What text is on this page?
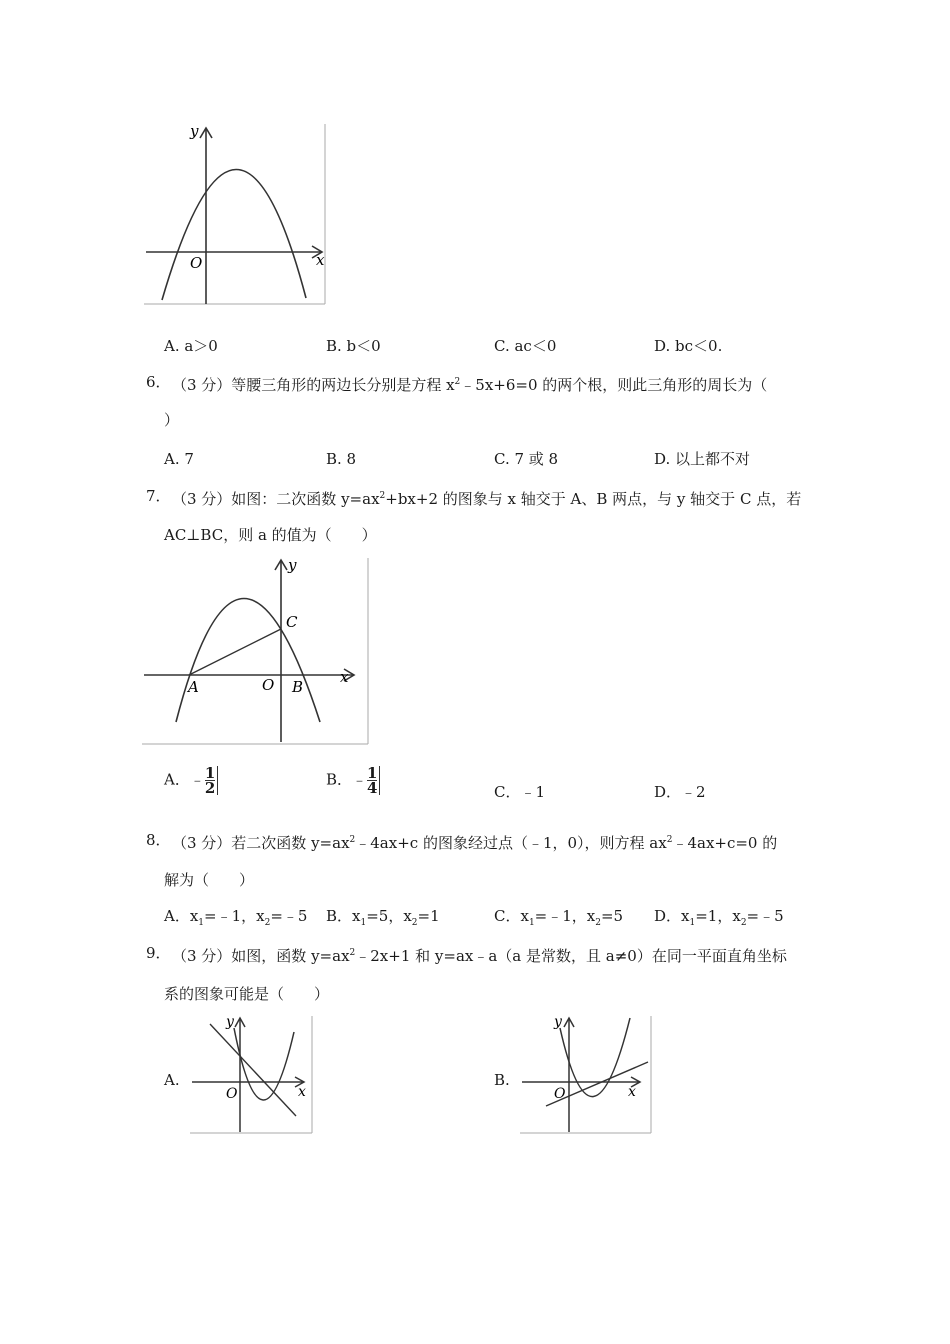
y
x
O
A. a＞0	B. b＜0	C. ac＜0	D. bc＜0.
6． （3 分）等腰三角形的两边长分别是方程 $x^2﹣5x+6=0$ 的两个根，则此三角形的周长为（
）
A. 7	B. 8	C. 7 或 8	D. 以上都不对
7． （3 分）如图：二次函数 $y=ax^2+bx+2$ 的图象与 x 轴交于 A、B 两点，与 y 轴交于 C 点，若
AC⊥BC，则 a 的值为（　　）
x
y
O
A	B
C
A．﹣ $\frac{1}{2}$	B．﹣ $\frac{1}{4}$	C．﹣1	D．﹣2
8． （3 分）若二次函数 $y=ax^2﹣4ax+c$ 的图象经过点（﹣1，0），则方程 $ax^2﹣4ax+c=0$ 的
解为（　　）
A．$x_1=﹣1$，$x_2=﹣5$ B．$x_1=5$，$x_2=1$	C．$x_1=﹣1$，$x_2=5$ D．$x_1=1$，$x_2=﹣5$
9． （3 分）如图，函数 $y=ax^2﹣2x+1$ 和 y=ax﹣a（a 是常数，且 a≠0）在同一平面直角坐标
系的图象可能是（　　）
A.
y
x
O
B.
y
x
O
